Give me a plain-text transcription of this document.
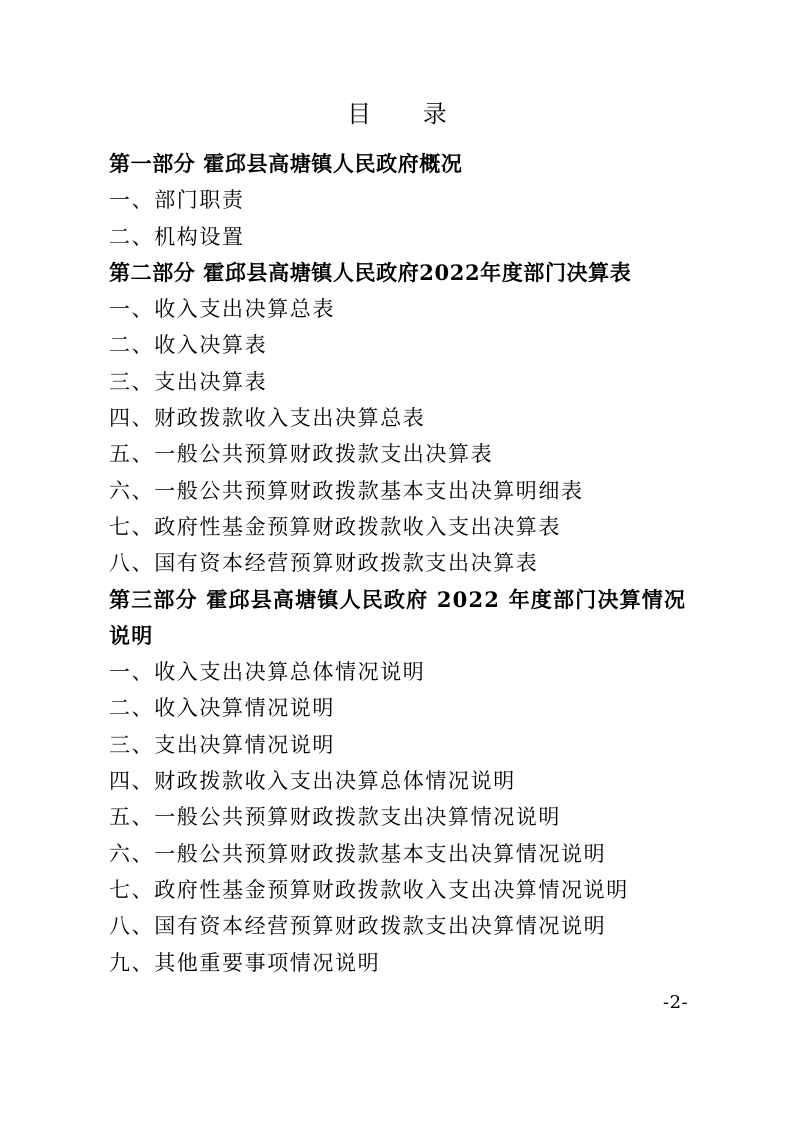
目 录
第一部分 霍邱县高塘镇人民政府概况
一、部门职责
二、机构设置
第二部分 霍邱县高塘镇人民政府2022年度部门决算表
一、收入支出决算总表
二、收入决算表
三、支出决算表
四、财政拨款收入支出决算总表
五、一般公共预算财政拨款支出决算表
六、一般公共预算财政拨款基本支出决算明细表
七、政府性基金预算财政拨款收入支出决算表
八、国有资本经营预算财政拨款支出决算表
第三部分 霍邱县高塘镇人民政府 2022 年度部门决算情况说明
一、收入支出决算总体情况说明
二、收入决算情况说明
三、支出决算情况说明
四、财政拨款收入支出决算总体情况说明
五、一般公共预算财政拨款支出决算情况说明
六、一般公共预算财政拨款基本支出决算情况说明
七、政府性基金预算财政拨款收入支出决算情况说明
八、国有资本经营预算财政拨款支出决算情况说明
九、其他重要事项情况说明
-2-
